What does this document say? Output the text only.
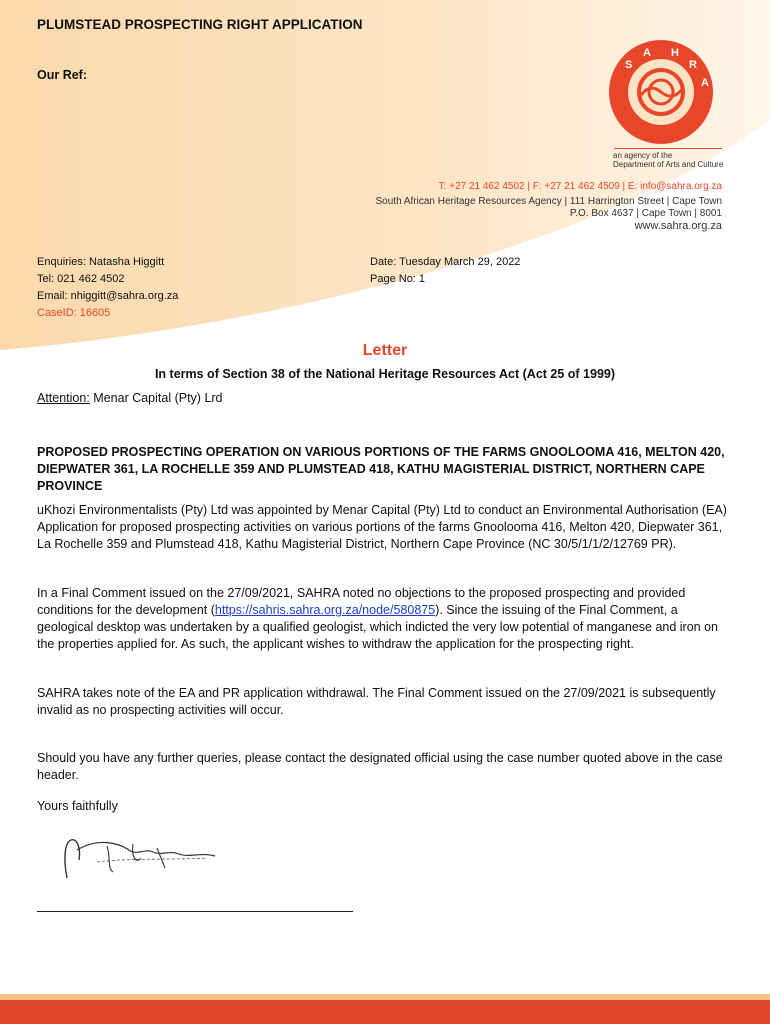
PLUMSTEAD PROSPECTING RIGHT APPLICATION
Our Ref:
S
A H
R
A
an agency of the
Department of Arts and Culture
T: +27 21 462 4502 | F: +27 21 462 4509 | E: info@sahra.org.za
South African Heritage Resources Agency | 111 Harrington Street | Cape Town
P.O. Box 4637 | Cape Town | 8001
www.sahra.org.za
Enquiries: Natasha Higgitt
Tel: 021 462 4502
Email: nhiggitt@sahra.org.za
CaseID: 16605
Date: Tuesday March 29, 2022
Page No: 1
Letter
In terms of Section 38 of the National Heritage Resources Act (Act 25 of 1999)
Attention: Menar Capital (Pty) Lrd
PROPOSED PROSPECTING OPERATION ON VARIOUS PORTIONS OF THE FARMS GNOOLOOMA 416, MELTON 420, DIEPWATER 361, LA ROCHELLE 359 AND PLUMSTEAD 418, KATHU MAGISTERIAL DISTRICT, NORTHERN CAPE PROVINCE
uKhozi Environmentalists (Pty) Ltd was appointed by Menar Capital (Pty) Ltd to conduct an Environmental Authorisation (EA) Application for proposed prospecting activities on various portions of the farms Gnoolooma 416, Melton 420, Diepwater 361, La Rochelle 359 and Plumstead 418, Kathu Magisterial District, Northern Cape Province (NC 30/5/1/1/2/12769 PR).
In a Final Comment issued on the 27/09/2021, SAHRA noted no objections to the proposed prospecting and provided conditions for the development (https://sahris.sahra.org.za/node/580875). Since the issuing of the Final Comment, a geological desktop was undertaken by a qualified geologist, which indicted the very low potential of manganese and iron on the properties applied for. As such, the applicant wishes to withdraw the application for the prospecting right.
SAHRA takes note of the EA and PR application withdrawal. The Final Comment issued on the 27/09/2021 is subsequently invalid as no prospecting activities will occur.
Should you have any further queries, please contact the designated official using the case number quoted above in the case header.
Yours faithfully
